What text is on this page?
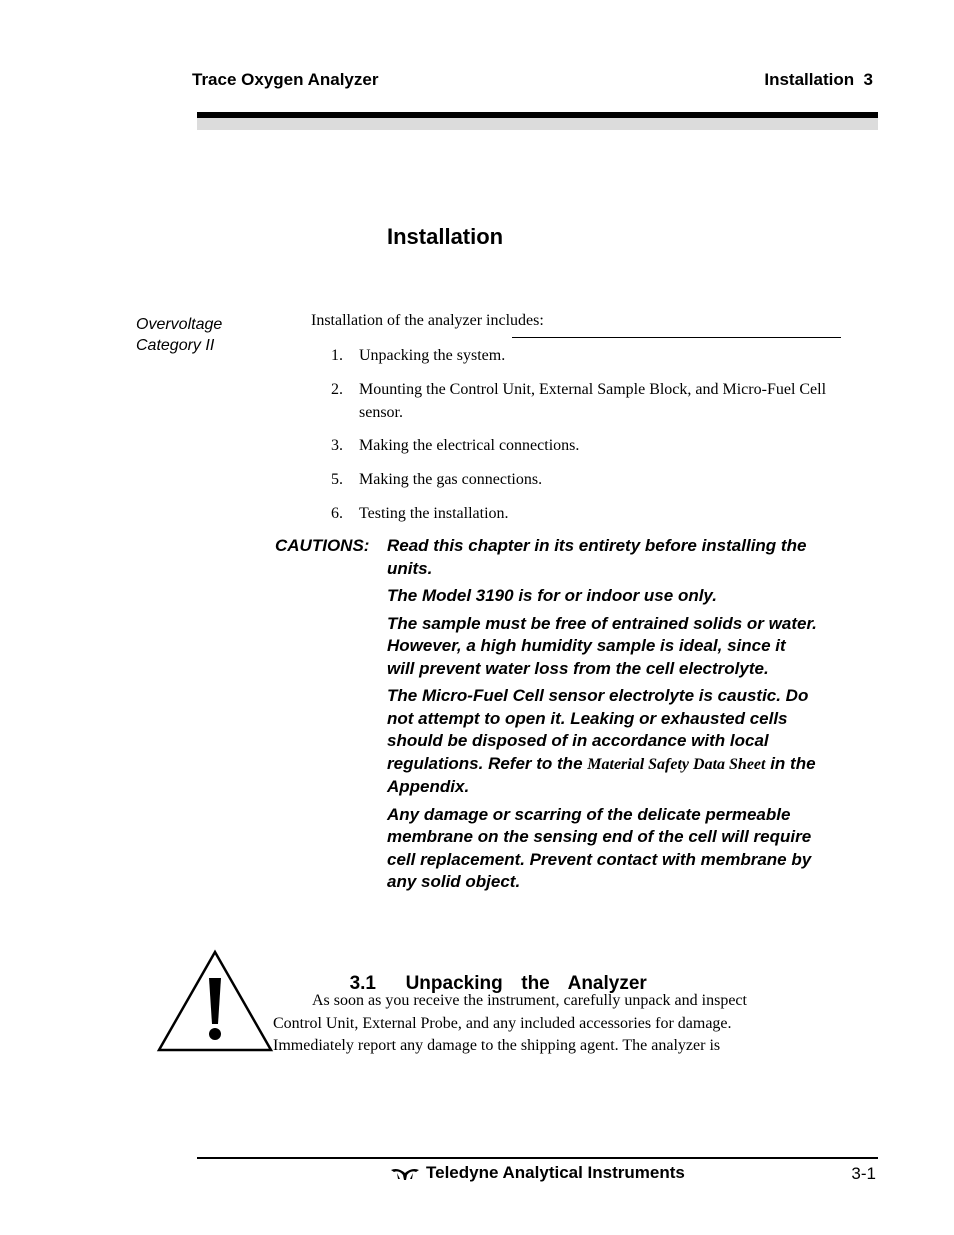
Trace Oxygen Analyzer	Installation  3
Installation
Overvoltage
Category II
Installation of the analyzer includes:
1. Unpacking the system.
2. Mounting the Control Unit, External Sample Block, and Micro-Fuel Cell sensor.
3. Making the electrical connections.
5. Making the gas connections.
6. Testing the installation.
CAUTIONS: Read this chapter in its entirety before installing the units.
The Model 3190 is for or indoor use only.
The sample must be free of entrained solids or water. However, a high humidity sample is ideal, since it will prevent water loss from the cell electrolyte.
The Micro-Fuel Cell sensor electrolyte is caustic. Do not attempt to open it. Leaking or exhausted cells should be disposed of in accordance with local regulations. Refer to the Material Safety Data Sheet in the Appendix.
Any damage or scarring of the delicate permeable membrane on the sensing end of the cell will require cell replacement. Prevent contact with membrane by any solid object.

3.1 Unpacking  the  Analyzer

As soon as you receive the instrument, carefully unpack and inspect
Control Unit, External Probe, and any included accessories for damage.
Immediately report any damage to the shipping agent. The analyzer is
Teledyne Analytical Instruments	3-1
